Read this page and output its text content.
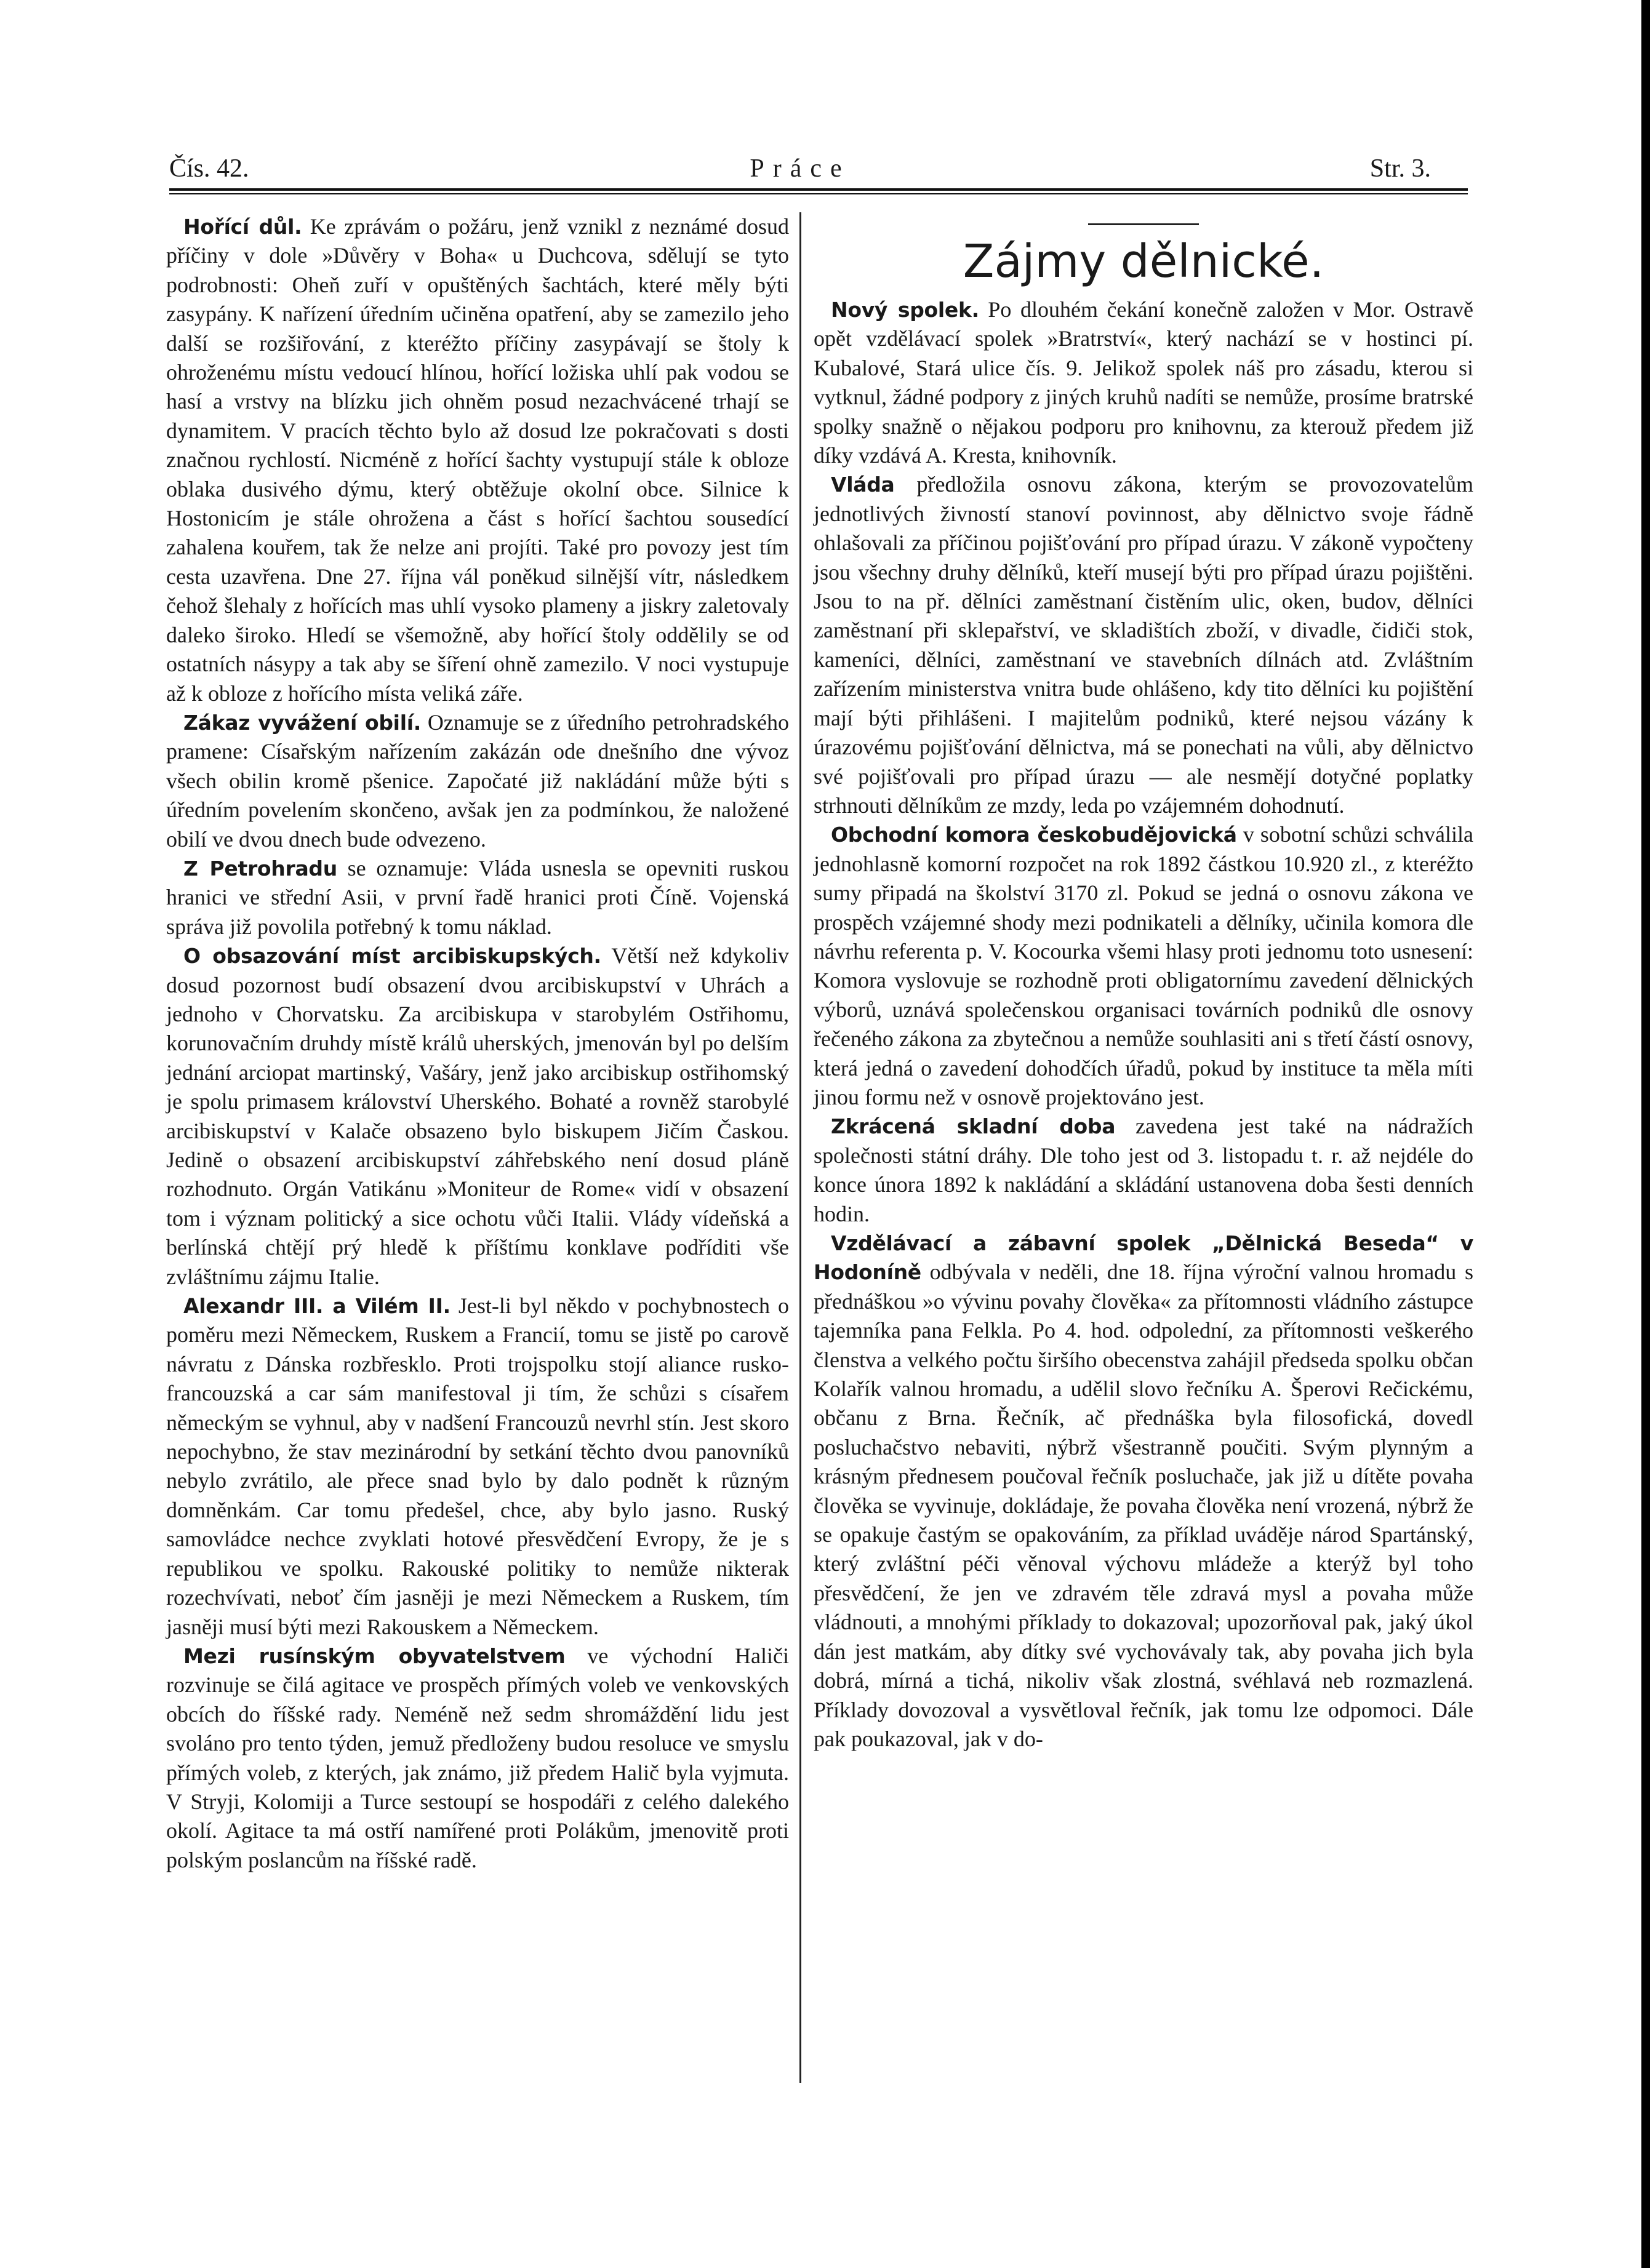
Čís. 42.	Práce	Str. 3.

Hořící důl. Ke zprávám o požáru, jenž vznikl z neznámé dosud příčiny v dole »Důvěry v Boha« u Duchcova, sdělují se tyto podrobnosti: Oheň zuří v opuštěných šachtách, které měly býti zasypány. K nařízení úředním učiněna opatření, aby se zamezilo jeho další se rozšiřování, z kteréžto příčiny zasypávají se štoly k ohroženému místu vedoucí hlínou, hořící ložiska uhlí pak vodou se hasí a vrstvy na blízku jich ohněm posud nezachvácené trhají se dynamitem. V pracích těchto bylo až dosud lze pokračovati s dosti značnou rychlostí. Nicméně z hořící šachty vystupují stále k obloze oblaka dusivého dýmu, který obtěžuje okolní obce. Silnice k Hostonicím je stále ohrožena a část s hořící šachtou sousedící zahalena kouřem, tak že nelze ani projíti. Také pro povozy jest tím cesta uzavřena. Dne 27. října vál poněkud silnější vítr, následkem čehož šlehaly z hořících mas uhlí vysoko plameny a jiskry zaletovaly daleko široko. Hledí se všemožně, aby hořící štoly oddělily se od ostatních násypy a tak aby se šíření ohně zamezilo. V noci vystupuje až k obloze z hořícího místa veliká záře.

Zákaz vyvážení obilí. Oznamuje se z úředního petrohradského pramene: Císařským nařízením zakázán ode dnešního dne vývoz všech obilin kromě pšenice. Započaté již nakládání může býti s úředním povelením skončeno, avšak jen za podmínkou, že naložené obilí ve dvou dnech bude odvezeno.

Z Petrohradu se oznamuje: Vláda usnesla se opevniti ruskou hranici ve střední Asii, v první řadě hranici proti Číně. Vojenská správa již povolila potřebný k tomu náklad.

O obsazování míst arcibiskupských. Větší než kdykoliv dosud pozornost budí obsazení dvou arcibiskupství v Uhrách a jednoho v Chorvatsku. Za arcibiskupa v starobylém Ostřihomu, korunovačním druhdy místě králů uherských, jmenován byl po delším jednání arciopat martinský, Vašáry, jenž jako arcibiskup ostřihomský je spolu primasem království Uherského. Bohaté a rovněž starobylé arcibiskupství v Kalače obsazeno bylo biskupem Jičím Časkou. Jedině o obsazení arcibiskupství záhřebského není dosud pláně rozhodnuto. Orgán Vatikánu »Moniteur de Rome« vidí v obsazení tom i význam politický a sice ochotu vůči Italii. Vlády vídeňská a berlínská chtějí prý hledě k příštímu konklave podříditi vše zvláštnímu zájmu Italie.

Alexandr III. a Vilém II. Jest-li byl někdo v pochybnostech o poměru mezi Německem, Ruskem a Francií, tomu se jistě po carově návratu z Dánska rozbřesklo. Proti trojspolku stojí aliance rusko-francouzská a car sám manifestoval ji tím, že schůzi s císařem německým se vyhnul, aby v nadšení Francouzů nevrhl stín. Jest skoro nepochybno, že stav mezinárodní by setkání těchto dvou panovníků nebylo zvrátilo, ale přece snad bylo by dalo podnět k různým domněnkám. Car tomu předešel, chce, aby bylo jasno. Ruský samovládce nechce zvyklati hotové přesvědčení Evropy, že je s republikou ve spolku. Rakouské politiky to nemůže nikterak rozechvívati, neboť čím jasněji je mezi Německem a Ruskem, tím jasněji musí býti mezi Rakouskem a Německem.

Mezi rusínským obyvatelstvem ve východní Haliči rozvinuje se čilá agitace ve prospěch přímých voleb ve venkovských obcích do říšské rady. Neméně než sedm shromáždění lidu jest svoláno pro tento týden, jemuž předloženy budou resoluce ve smyslu přímých voleb, z kterých, jak známo, již předem Halič byla vyjmuta. V Stryji, Kolomiji a Turce sestoupí se hospodáři z celého dalekého okolí. Agitace ta má ostří namířené proti Polákům, jmenovitě proti polským poslancům na říšské radě.

Zájmy dělnické.

Nový spolek. Po dlouhém čekání konečně založen v Mor. Ostravě opět vzdělávací spolek »Bratrství«, který nachází se v hostinci pí. Kubalové, Stará ulice čís. 9. Jelikož spolek náš pro zásadu, kterou si vytknul, žádné podpory z jiných kruhů nadíti se nemůže, prosíme bratrské spolky snažně o nějakou podporu pro knihovnu, za kterouž předem již díky vzdává A. Kresta, knihovník.

Vláda předložila osnovu zákona, kterým se provozovatelům jednotlivých živností stanoví povinnost, aby dělnictvo svoje řádně ohlašovali za příčinou pojišťování pro případ úrazu. V zákoně vypočteny jsou všechny druhy dělníků, kteří musejí býti pro případ úrazu pojištěni. Jsou to na př. dělníci zaměstnaní čistěním ulic, oken, budov, dělníci zaměstnaní při sklepařství, ve skladištích zboží, v divadle, čidiči stok, kameníci, dělníci, zaměstnaní ve stavebních dílnách atd. Zvláštním zařízením ministerstva vnitra bude ohlášeno, kdy tito dělníci ku pojištění mají býti přihlášeni. I majitelům podniků, které nejsou vázány k úrazovému pojišťování dělnictva, má se ponechati na vůli, aby dělnictvo své pojišťovali pro případ úrazu — ale nesmějí dotyčné poplatky strhnouti dělníkům ze mzdy, leda po vzájemném dohodnutí.

Obchodní komora českobudějovická v sobotní schůzi schválila jednohlasně komorní rozpočet na rok 1892 částkou 10.920 zl., z kteréžto sumy připadá na školství 3170 zl. Pokud se jedná o osnovu zákona ve prospěch vzájemné shody mezi podnikateli a dělníky, učinila komora dle návrhu referenta p. V. Kocourka všemi hlasy proti jednomu toto usnesení: Komora vyslovuje se rozhodně proti obligatornímu zavedení dělnických výborů, uznává společenskou organisaci továrních podniků dle osnovy řečeného zákona za zbytečnou a nemůže souhlasiti ani s třetí částí osnovy, která jedná o zavedení dohodčích úřadů, pokud by instituce ta měla míti jinou formu než v osnově projektováno jest.

Zkrácená skladní doba zavedena jest také na nádražích společnosti státní dráhy. Dle toho jest od 3. listopadu t. r. až nejdéle do konce února 1892 k nakládání a skládání ustanovena doba šesti denních hodin.

Vzdělávací a zábavní spolek „Dělnická Beseda“ v Hodoníně odbývala v neděli, dne 18. října výroční valnou hromadu s přednáškou »o vývinu povahy člověka« za přítomnosti vládního zástupce tajemníka pana Felkla. Po 4. hod. odpolední, za přítomnosti veškerého členstva a velkého počtu širšího obecenstva zahájil předseda spolku občan Kolařík valnou hromadu, a udělil slovo řečníku A. Šperovi Rečickému, občanu z Brna. Řečník, ač přednáška byla filosofická, dovedl posluchačstvo nebaviti, nýbrž všestranně poučiti. Svým plynným a krásným přednesem poučoval řečník posluchače, jak již u dítěte povaha člověka se vyvinuje, dokládaje, že povaha člověka není vrozená, nýbrž že se opakuje častým se opakováním, za příklad uváděje národ Spartánský, který zvláštní péči věnoval výchovu mládeže a kterýž byl toho přesvědčení, že jen ve zdravém těle zdravá mysl a povaha může vládnouti, a mnohými příklady to dokazoval; upozorňoval pak, jaký úkol dán jest matkám, aby dítky své vychovávaly tak, aby povaha jich byla dobrá, mírná a tichá, nikoliv však zlostná, svéhlavá neb rozmazlená. Příklady dovozoval a vysvětloval řečník, jak tomu lze odpomoci. Dále pak poukazoval, jak v do-
